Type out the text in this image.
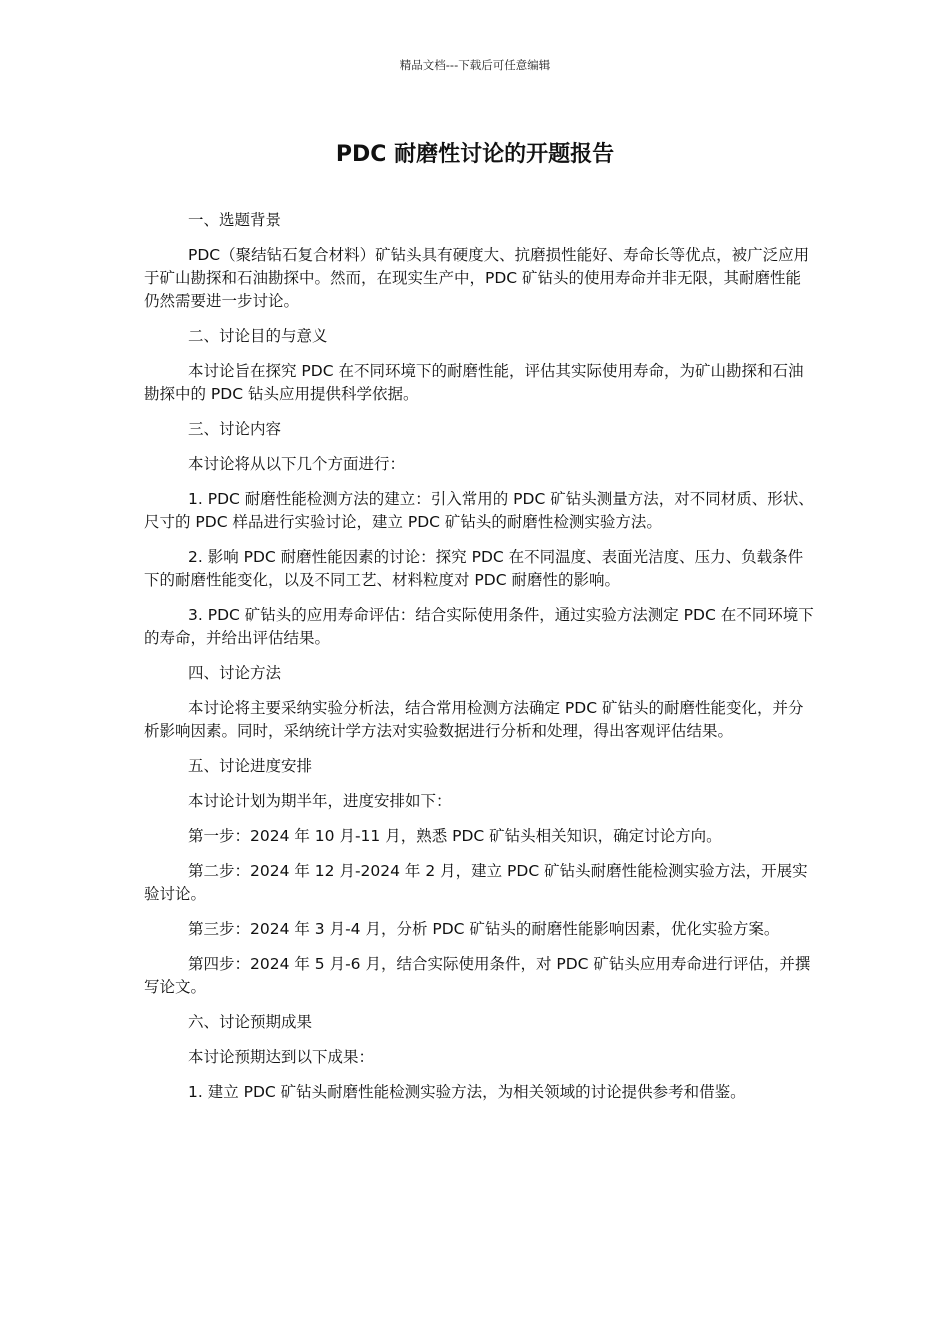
精品文档---下载后可任意编辑
PDC 耐磨性讨论的开题报告

一、选题背景

PDC（聚结钻石复合材料）矿钻头具有硬度大、抗磨损性能好、寿命长等优点，被广泛应用于矿山勘探和石油勘探中。然而，在现实生产中，PDC 矿钻头的使用寿命并非无限，其耐磨性能仍然需要进一步讨论。

二、讨论目的与意义

本讨论旨在探究 PDC 在不同环境下的耐磨性能，评估其实际使用寿命，为矿山勘探和石油勘探中的 PDC 钻头应用提供科学依据。

三、讨论内容

本讨论将从以下几个方面进行：

1. PDC 耐磨性能检测方法的建立：引入常用的 PDC 矿钻头测量方法，对不同材质、形状、尺寸的 PDC 样品进行实验讨论，建立 PDC 矿钻头的耐磨性检测实验方法。

2. 影响 PDC 耐磨性能因素的讨论：探究 PDC 在不同温度、表面光洁度、压力、负载条件下的耐磨性能变化，以及不同工艺、材料粒度对 PDC 耐磨性的影响。

3. PDC 矿钻头的应用寿命评估：结合实际使用条件，通过实验方法测定 PDC 在不同环境下的寿命，并给出评估结果。

四、讨论方法

本讨论将主要采纳实验分析法，结合常用检测方法确定 PDC 矿钻头的耐磨性能变化，并分析影响因素。同时，采纳统计学方法对实验数据进行分析和处理，得出客观评估结果。

五、讨论进度安排

本讨论计划为期半年，进度安排如下：

第一步：2024 年 10 月-11 月，熟悉 PDC 矿钻头相关知识，确定讨论方向。

第二步：2024 年 12 月-2024 年 2 月，建立 PDC 矿钻头耐磨性能检测实验方法，开展实验讨论。

第三步：2024 年 3 月-4 月，分析 PDC 矿钻头的耐磨性能影响因素，优化实验方案。

第四步：2024 年 5 月-6 月，结合实际使用条件，对 PDC 矿钻头应用寿命进行评估，并撰写论文。

六、讨论预期成果

本讨论预期达到以下成果：

1. 建立 PDC 矿钻头耐磨性能检测实验方法，为相关领域的讨论提供参考和借鉴。
